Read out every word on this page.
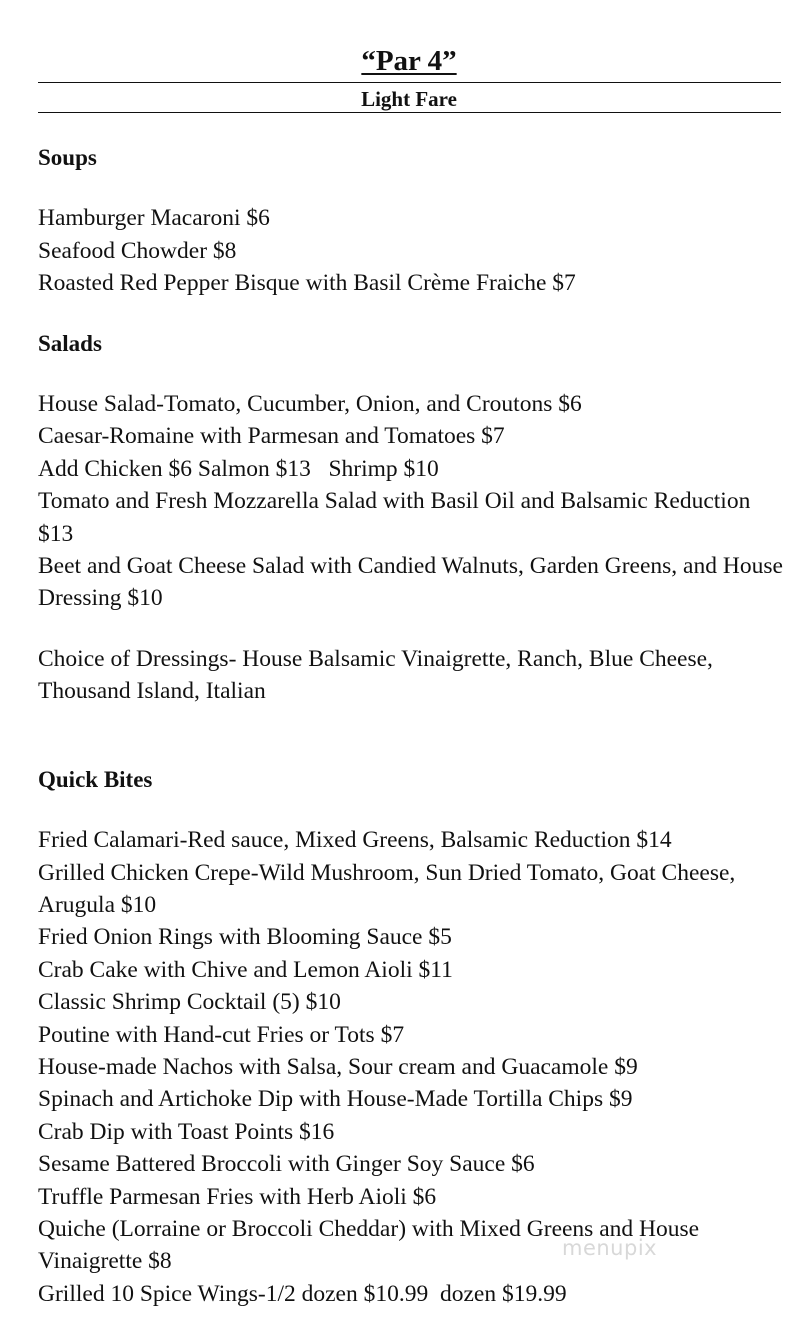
“Par 4”
Light Fare
Soups
Hamburger Macaroni $6
Seafood Chowder $8
Roasted Red Pepper Bisque with Basil Crème Fraiche $7
Salads
House Salad-Tomato, Cucumber, Onion, and Croutons $6
Caesar-Romaine with Parmesan and Tomatoes $7
Add Chicken $6 Salmon $13   Shrimp $10
Tomato and Fresh Mozzarella Salad with Basil Oil and Balsamic Reduction $13
Beet and Goat Cheese Salad with Candied Walnuts, Garden Greens, and House Dressing $10
Choice of Dressings- House Balsamic Vinaigrette, Ranch, Blue Cheese, Thousand Island, Italian
Quick Bites
Fried Calamari-Red sauce, Mixed Greens, Balsamic Reduction $14
Grilled Chicken Crepe-Wild Mushroom, Sun Dried Tomato, Goat Cheese, Arugula $10
Fried Onion Rings with Blooming Sauce $5
Crab Cake with Chive and Lemon Aioli $11
Classic Shrimp Cocktail (5) $10
Poutine with Hand-cut Fries or Tots $7
House-made Nachos with Salsa, Sour cream and Guacamole $9
Spinach and Artichoke Dip with House-Made Tortilla Chips $9
Crab Dip with Toast Points $16
Sesame Battered Broccoli with Ginger Soy Sauce $6
Truffle Parmesan Fries with Herb Aioli $6
Quiche (Lorraine or Broccoli Cheddar) with Mixed Greens and House Vinaigrette $8
Grilled 10 Spice Wings-1/2 dozen $10.99  dozen $19.99
menupix
